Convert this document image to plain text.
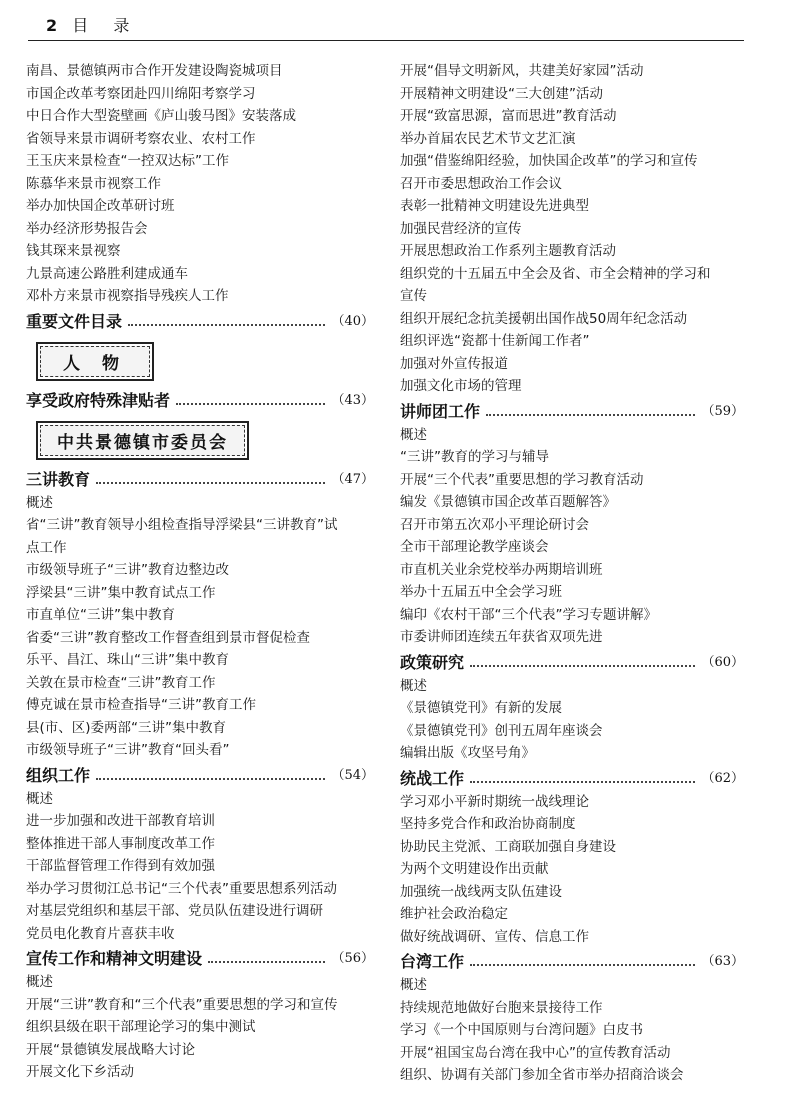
2 目 录
南昌、景德镇两市合作开发建设陶瓷城项目
市国企改革考察团赴四川绵阳考察学习
中日合作大型瓷壁画《庐山骏马图》安装落成
省领导来景市调研考察农业、农村工作
王玉庆来景检查“一控双达标”工作
陈慕华来景市视察工作
举办加快国企改革研讨班
举办经济形势报告会
钱其琛来景视察
九景高速公路胜利建成通车
邓朴方来景市视察指导残疾人工作
重要文件目录	（40）
人物
享受政府特殊津贴者	（43）
中共景德镇市委员会
三讲教育	（47）
概述
省“三讲”教育领导小组检查指导浮梁县“三讲教育”试
点工作
市级领导班子“三讲”教育边整边改
浮梁县“三讲”集中教育试点工作
市直单位“三讲”集中教育
省委“三讲”教育整改工作督查组到景市督促检查
乐平、昌江、珠山“三讲”集中教育
关敦在景市检查“三讲”教育工作
傅克诚在景市检查指导“三讲”教育工作
县(市、区)委两部“三讲”集中教育
市级领导班子“三讲”教育“回头看”
组织工作	（54）
概述
进一步加强和改进干部教育培训
整体推进干部人事制度改革工作
干部监督管理工作得到有效加强
举办学习贯彻江总书记“三个代表”重要思想系列活动
对基层党组织和基层干部、党员队伍建设进行调研
党员电化教育片喜获丰收
宣传工作和精神文明建设	（56）
概述
开展“三讲”教育和“三个代表”重要思想的学习和宣传
组织县级在职干部理论学习的集中测试
开展“景德镇发展战略大讨论
开展文化下乡活动
开展“倡导文明新风，共建美好家园”活动
开展精神文明建设“三大创建”活动
开展“致富思源，富而思进”教育活动
举办首届农民艺术节文艺汇演
加强“借鉴绵阳经验，加快国企改革”的学习和宣传
召开市委思想政治工作会议
表彰一批精神文明建设先进典型
加强民营经济的宣传
开展思想政治工作系列主题教育活动
组织党的十五届五中全会及省、市全会精神的学习和
宣传
组织开展纪念抗美援朝出国作战50周年纪念活动
组织评选“瓷都十佳新闻工作者”
加强对外宣传报道
加强文化市场的管理
讲师团工作	（59）
概述
“三讲”教育的学习与辅导
开展“三个代表”重要思想的学习教育活动
编发《景德镇市国企改革百题解答》
召开市第五次邓小平理论研讨会
全市干部理论教学座谈会
市直机关业余党校举办两期培训班
举办十五届五中全会学习班
编印《农村干部“三个代表”学习专题讲解》
市委讲师团连续五年获省双项先进
政策研究	（60）
概述
《景德镇党刊》有新的发展
《景德镇党刊》创刊五周年座谈会
编辑出版《攻坚号角》
统战工作	（62）
学习邓小平新时期统一战线理论
坚持多党合作和政治协商制度
协助民主党派、工商联加强自身建设
为两个文明建设作出贡献
加强统一战线两支队伍建设
维护社会政治稳定
做好统战调研、宣传、信息工作
台湾工作	（63）
概述
持续规范地做好台胞来景接待工作
学习《一个中国原则与台湾问题》白皮书
开展“祖国宝岛台湾在我中心”的宣传教育活动
组织、协调有关部门参加全省市举办招商洽谈会
